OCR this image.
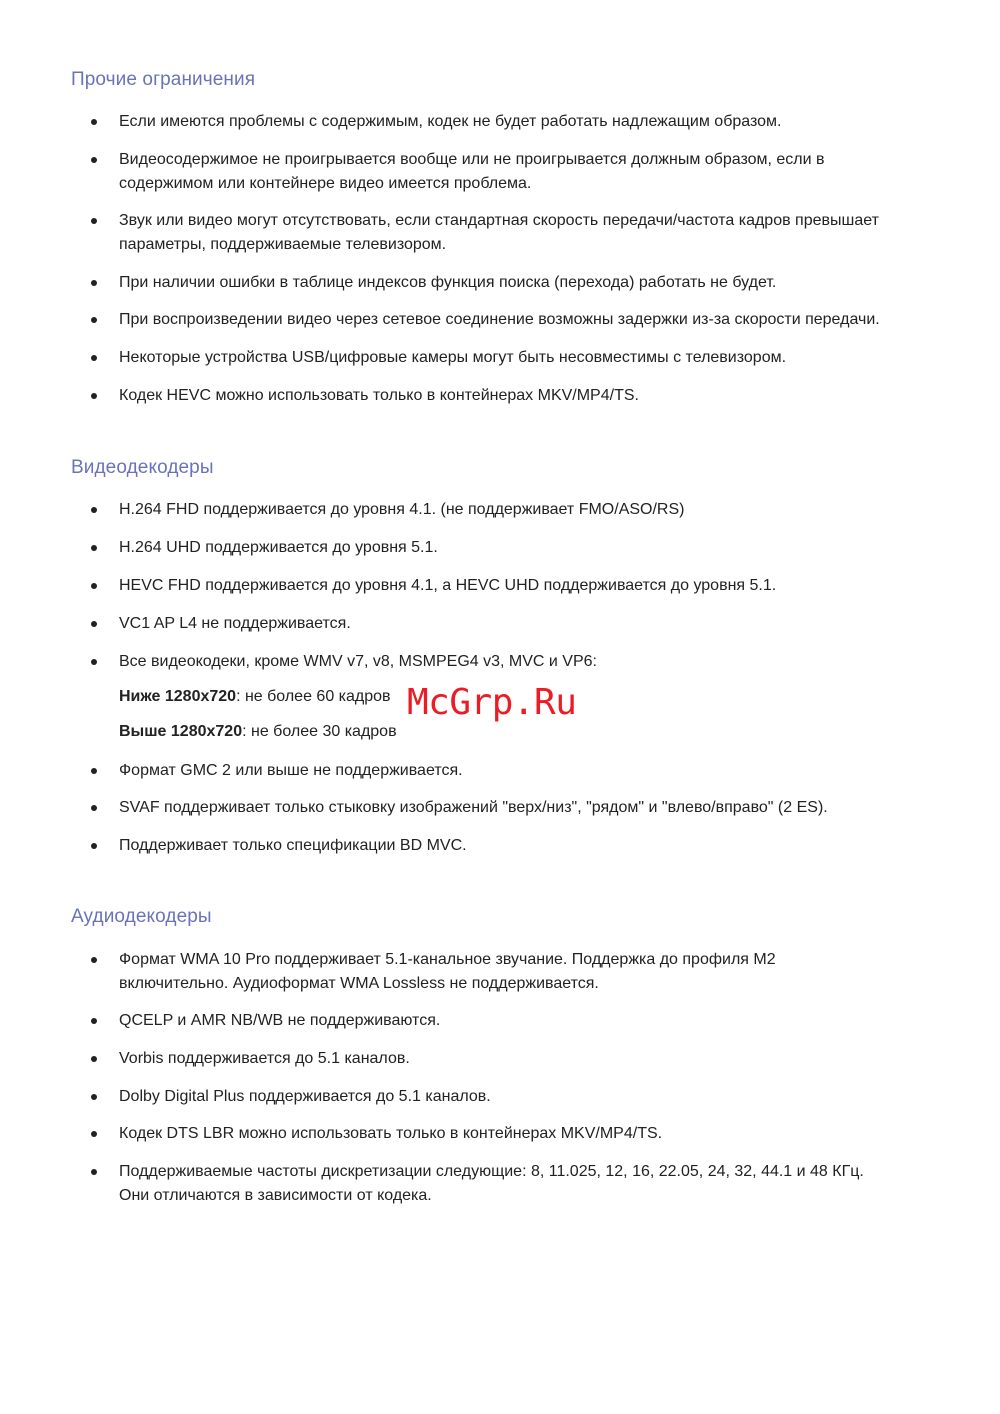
Прочие ограничения
Если имеются проблемы с содержимым, кодек не будет работать надлежащим образом.
Видеосодержимое не проигрывается вообще или не проигрывается должным образом, если в
содержимом или контейнере видео имеется проблема.
Звук или видео могут отсутствовать, если стандартная скорость передачи/частота кадров превышает
параметры, поддерживаемые телевизором.
При наличии ошибки в таблице индексов функция поиска (перехода) работать не будет.
При воспроизведении видео через сетевое соединение возможны задержки из-за скорости передачи.
Некоторые устройства USB/цифровые камеры могут быть несовместимы с телевизором.
Кодек HEVC можно использовать только в контейнерах MKV/MP4/TS.
Видеодекодеры
H.264 FHD поддерживается до уровня 4.1. (не поддерживает FMO/ASO/RS)
H.264 UHD поддерживается до уровня 5.1.
HEVC FHD поддерживается до уровня 4.1, а HEVC UHD поддерживается до уровня 5.1.
VC1 AP L4 не поддерживается.
Все видеокодеки, кроме WMV v7, v8, MSMPEG4 v3, MVC и VP6:
Формат GMC 2 или выше не поддерживается.
SVAF поддерживает только стыковку изображений "верх/низ", "рядом" и "влево/вправо" (2 ES).
Поддерживает только спецификации BD MVC.
Ниже 1280x720: не более 60 кадров
Выше 1280x720: не более 30 кадров
Аудиодекодеры
Формат WMA 10 Pro поддерживает 5.1-канальное звучание. Поддержка до профиля M2
включительно. Аудиоформат WMA Lossless не поддерживается.
QCELP и AMR NB/WB не поддерживаются.
Vorbis поддерживается до 5.1 каналов.
Dolby Digital Plus поддерживается до 5.1 каналов.
Кодек DTS LBR можно использовать только в контейнерах MKV/MP4/TS.
Поддерживаемые частоты дискретизации следующие: 8, 11.025, 12, 16, 22.05, 24, 32, 44.1 и 48 КГц.
Они отличаются в зависимости от кодека.
McGrp.Ru
